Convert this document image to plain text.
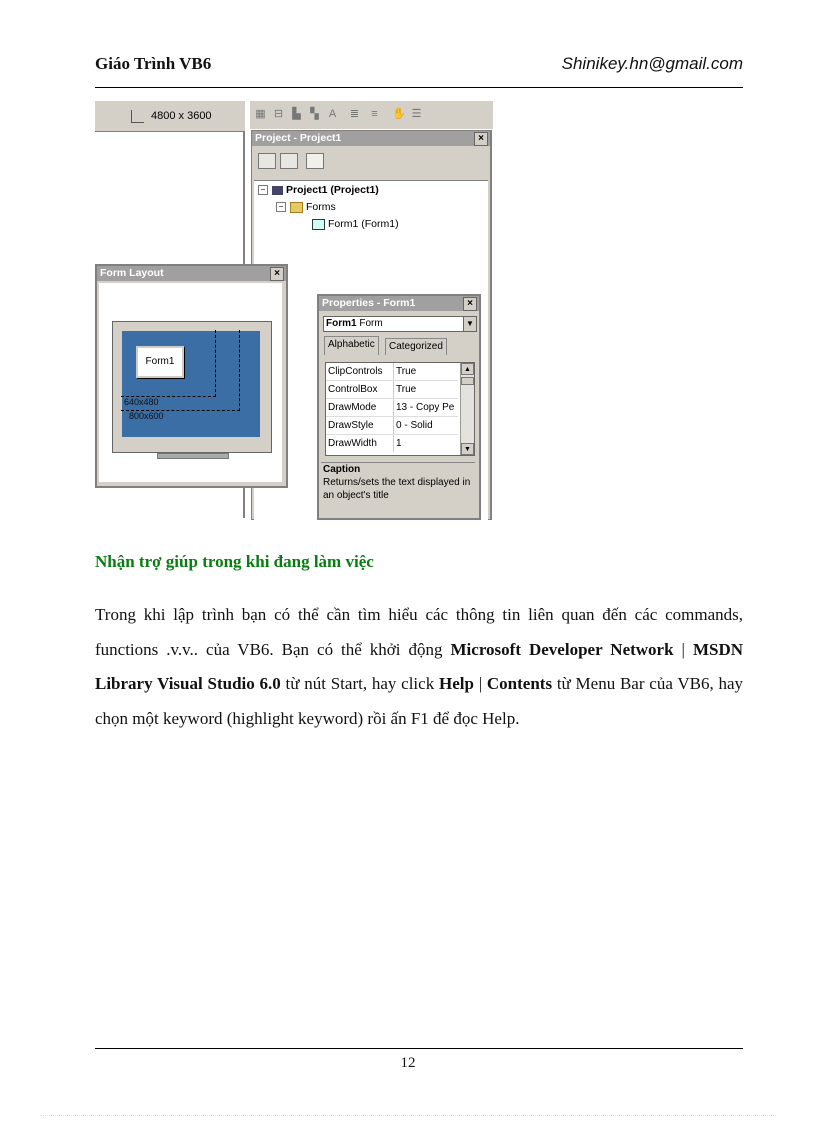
Giáo Trình VB6	Shinikey.hn@gmail.com
4800 x 3600	▦ ⊟ ▙ ▚ A ≣ ≡ ✋ ☰
Project - Project1	×
− Project1 (Project1)
− Forms
Form1 (Form1)
Form Layout	×
Form1
640x480
800x600
Properties - Form1	×
Form1 Form	▼
Alphabetic	Categorized
ClipControls	True
ControlBox	True
DrawMode	13 - Copy Pe
DrawStyle	0 - Solid
DrawWidth	1
▲
▼
Caption
Returns/sets the text displayed in an object's title
Nhận trợ giúp trong khi đang làm việc
Trong khi lập trình bạn có thể cần tìm hiểu các thông tin liên quan đến các commands, functions .v.v.. của VB6. Bạn có thể khởi động Microsoft Developer Network | MSDN Library Visual Studio 6.0 từ nút Start, hay click Help | Contents từ Menu Bar của VB6, hay chọn một keyword (highlight keyword) rồi ấn F1 để đọc Help.
12
